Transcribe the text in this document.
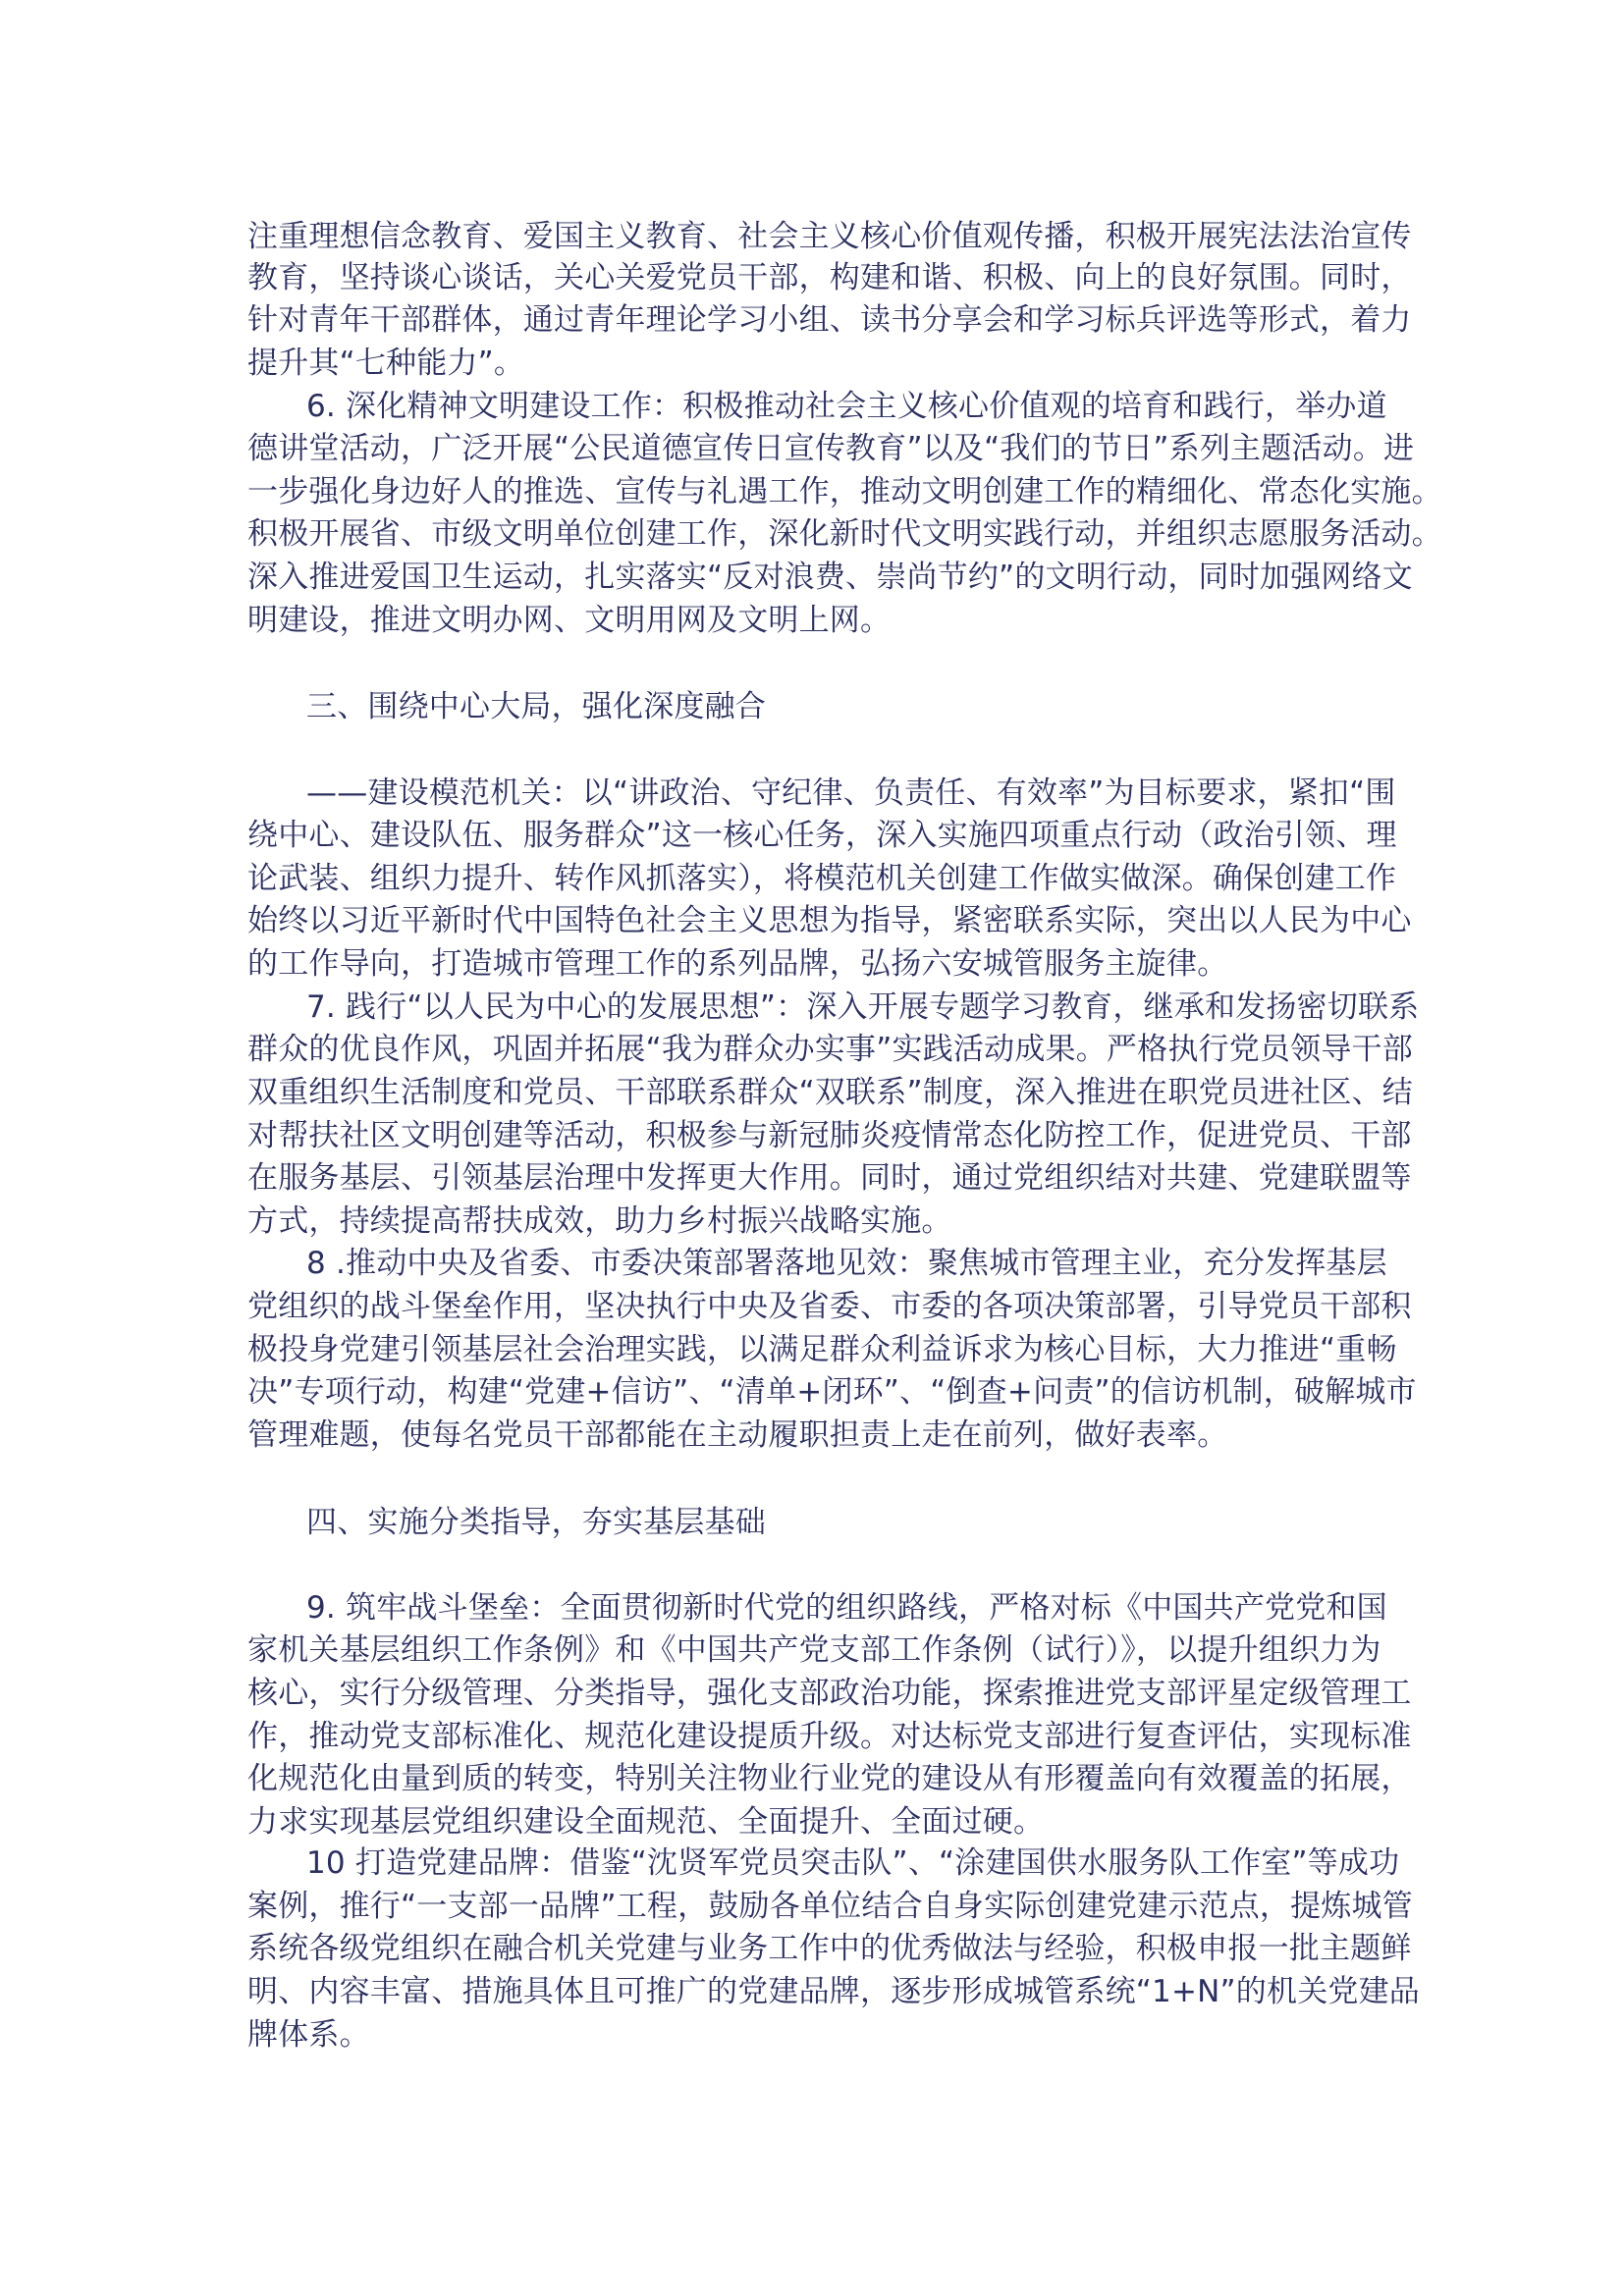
注重理想信念教育、爱国主义教育、社会主义核心价值观传播，积极开展宪法法治宣传
教育，坚持谈心谈话，关心关爱党员干部，构建和谐、积极、向上的良好氛围。同时，
针对青年干部群体，通过青年理论学习小组、读书分享会和学习标兵评选等形式，着力
提升其“七种能力”。
6. 深化精神文明建设工作：积极推动社会主义核心价值观的培育和践行，举办道
德讲堂活动，广泛开展“公民道德宣传日宣传教育”以及“我们的节日”系列主题活动。进
一步强化身边好人的推选、宣传与礼遇工作，推动文明创建工作的精细化、常态化实施。
积极开展省、市级文明单位创建工作，深化新时代文明实践行动，并组织志愿服务活动。
深入推进爱国卫生运动，扎实落实“反对浪费、崇尚节约”的文明行动，同时加强网络文
明建设，推进文明办网、文明用网及文明上网。
三、围绕中心大局，强化深度融合
——建设模范机关：以“讲政治、守纪律、负责任、有效率”为目标要求，紧扣“围
绕中心、建设队伍、服务群众”这一核心任务，深入实施四项重点行动（政治引领、理
论武装、组织力提升、转作风抓落实），将模范机关创建工作做实做深。确保创建工作
始终以习近平新时代中国特色社会主义思想为指导，紧密联系实际，突出以人民为中心
的工作导向，打造城市管理工作的系列品牌，弘扬六安城管服务主旋律。
7. 践行“以人民为中心的发展思想”：深入开展专题学习教育，继承和发扬密切联系
群众的优良作风，巩固并拓展“我为群众办实事”实践活动成果。严格执行党员领导干部
双重组织生活制度和党员、干部联系群众“双联系”制度，深入推进在职党员进社区、结
对帮扶社区文明创建等活动，积极参与新冠肺炎疫情常态化防控工作，促进党员、干部
在服务基层、引领基层治理中发挥更大作用。同时，通过党组织结对共建、党建联盟等
方式，持续提高帮扶成效，助力乡村振兴战略实施。
8 .推动中央及省委、市委决策部署落地见效：聚焦城市管理主业，充分发挥基层
党组织的战斗堡垒作用，坚决执行中央及省委、市委的各项决策部署，引导党员干部积
极投身党建引领基层社会治理实践，以满足群众利益诉求为核心目标，大力推进“重畅
决”专项行动，构建“党建+信访”、“清单+闭环”、“倒查+问责”的信访机制，破解城市
管理难题，使每名党员干部都能在主动履职担责上走在前列，做好表率。
四、实施分类指导，夯实基层基础
9. 筑牢战斗堡垒：全面贯彻新时代党的组织路线，严格对标《中国共产党党和国
家机关基层组织工作条例》和《中国共产党支部工作条例（试行）》，以提升组织力为
核心，实行分级管理、分类指导，强化支部政治功能，探索推进党支部评星定级管理工
作，推动党支部标准化、规范化建设提质升级。对达标党支部进行复查评估，实现标准
化规范化由量到质的转变，特别关注物业行业党的建设从有形覆盖向有效覆盖的拓展，
力求实现基层党组织建设全面规范、全面提升、全面过硬。
10 打造党建品牌：借鉴“沈贤军党员突击队”、“涂建国供水服务队工作室”等成功
案例，推行“一支部一品牌”工程，鼓励各单位结合自身实际创建党建示范点，提炼城管
系统各级党组织在融合机关党建与业务工作中的优秀做法与经验，积极申报一批主题鲜
明、内容丰富、措施具体且可推广的党建品牌，逐步形成城管系统“1+N”的机关党建品
牌体系。
